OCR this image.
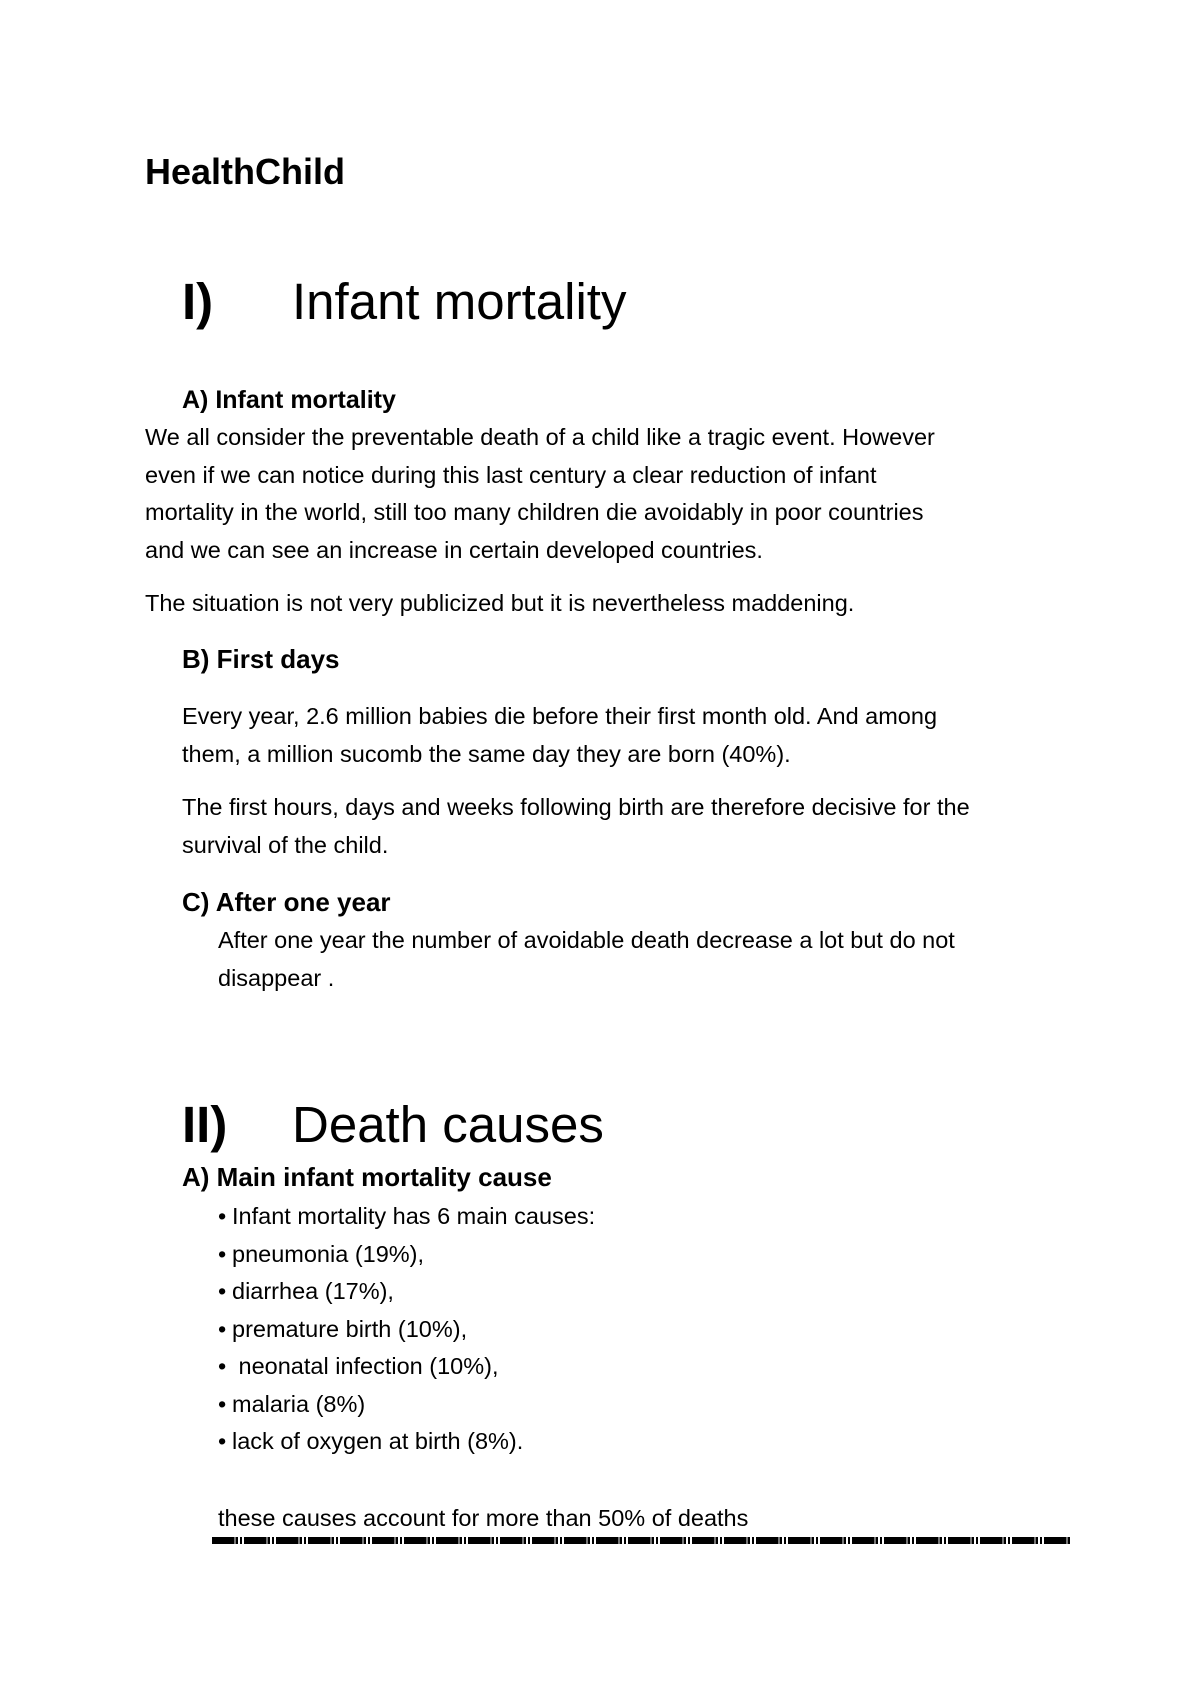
HealthChild
I) Infant mortality
A) Infant mortality
We all consider the preventable death of a child like a tragic event. However
even if we can notice during this last century a clear reduction of infant
mortality in the world, still too many children die avoidably in poor countries
and we can see an increase in certain developed countries.
The situation is not very publicized but it is nevertheless maddening.
B) First days
Every year, 2.6 million babies die before their first month old. And among
them, a million sucomb the same day they are born (40%).
The first hours, days and weeks following birth are therefore decisive for the
survival of the child.
C) After one year
After one year the number of avoidable death decrease a lot but do not
disappear .
II) Death causes
A) Main infant mortality cause
• Infant mortality has 6 main causes:
• pneumonia (19%),
• diarrhea (17%),
• premature birth (10%),
• neonatal infection (10%),
• malaria (8%)
• lack of oxygen at birth (8%).
these causes account for more than 50% of deaths
